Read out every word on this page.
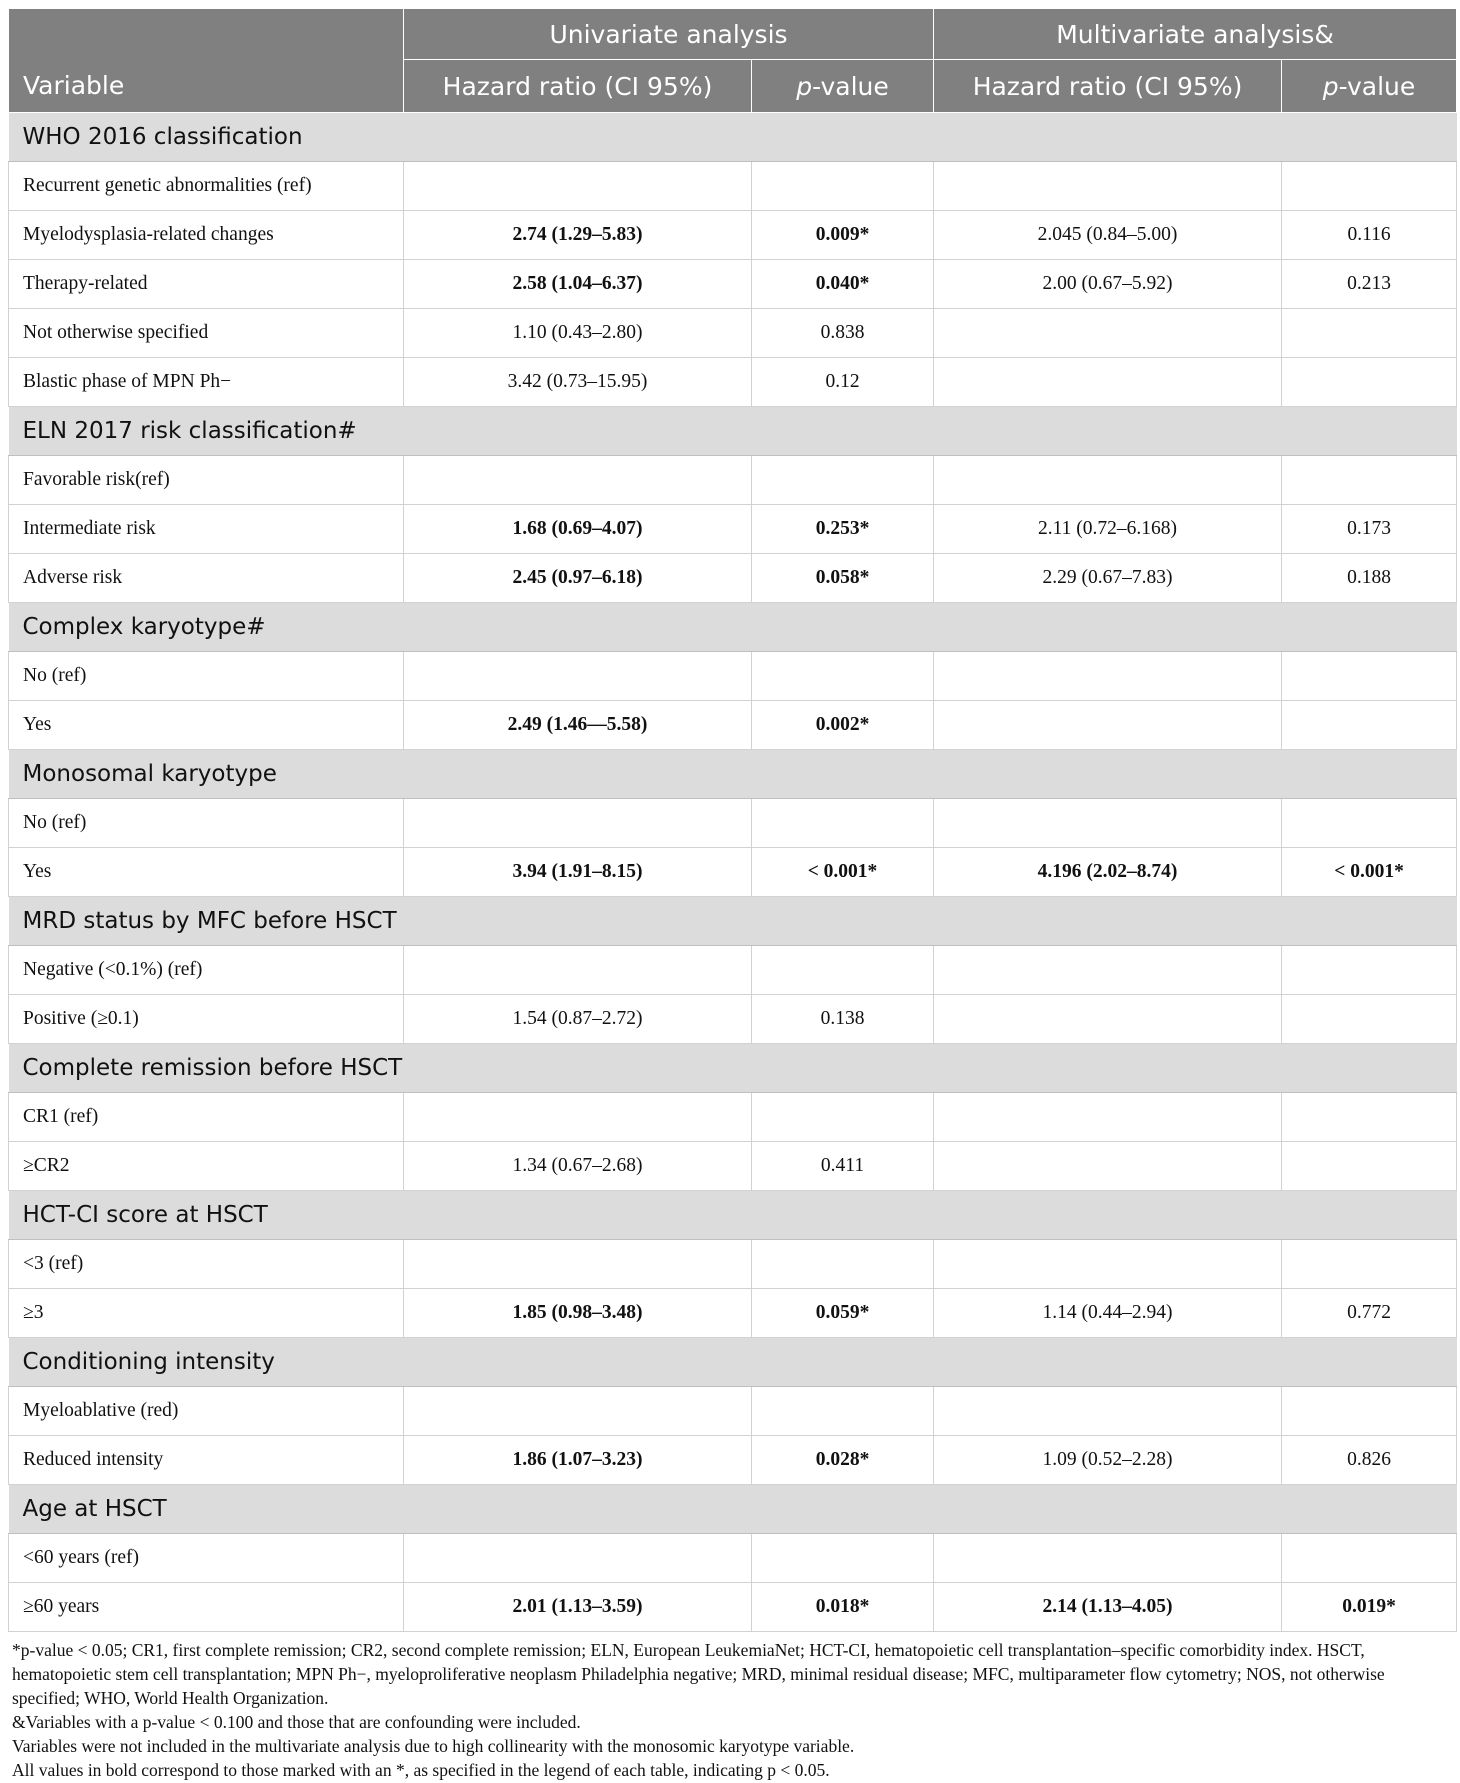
Variable	Univariate analysis		Multivariate analysis&	
	Hazard ratio (CI 95%)	p-value	Hazard ratio (CI 95%)	p-value
WHO 2016 classification				
Recurrent genetic abnormalities (ref)				
Myelodysplasia-related changes	2.74 (1.29–5.83)	0.009*	2.045 (0.84–5.00)	0.116
Therapy-related	2.58 (1.04–6.37)	0.040*	2.00 (0.67–5.92)	0.213
Not otherwise specified	1.10 (0.43–2.80)	0.838		
Blastic phase of MPN Ph−	3.42 (0.73–15.95)	0.12		
ELN 2017 risk classification#				
Favorable risk(ref)				
Intermediate risk	1.68 (0.69–4.07)	0.253*	2.11 (0.72–6.168)	0.173
Adverse risk	2.45 (0.97–6.18)	0.058*	2.29 (0.67–7.83)	0.188
Complex karyotype#				
No (ref)				
Yes	2.49 (1.46—5.58)	0.002*		
Monosomal karyotype				
No (ref)				
Yes	3.94 (1.91–8.15)	< 0.001*	4.196 (2.02–8.74)	< 0.001*
MRD status by MFC before HSCT				
Negative (<0.1%) (ref)				
Positive (≥0.1)	1.54 (0.87–2.72)	0.138		
Complete remission before HSCT				
CR1 (ref)				
≥CR2	1.34 (0.67–2.68)	0.411		
HCT-CI score at HSCT				
<3 (ref)				
≥3	1.85 (0.98–3.48)	0.059*	1.14 (0.44–2.94)	0.772
Conditioning intensity				
Myeloablative (red)				
Reduced intensity	1.86 (1.07–3.23)	0.028*	1.09 (0.52–2.28)	0.826
Age at HSCT				
<60 years (ref)				
≥60 years	2.01 (1.13–3.59)	0.018*	2.14 (1.13–4.05)	0.019*

*p-value < 0.05; CR1, first complete remission; CR2, second complete remission; ELN, European LeukemiaNet; HCT-CI, hematopoietic cell transplantation–specific comorbidity index. HSCT, hematopoietic stem cell transplantation; MPN Ph−, myeloproliferative neoplasm Philadelphia negative; MRD, minimal residual disease; MFC, multiparameter flow cytometry; NOS, not otherwise specified; WHO, World Health Organization.

&Variables with a p-value < 0.100 and those that are confounding were included.

Variables were not included in the multivariate analysis due to high collinearity with the monosomic karyotype variable.

All values in bold correspond to those marked with an *, as specified in the legend of each table, indicating p < 0.05.
